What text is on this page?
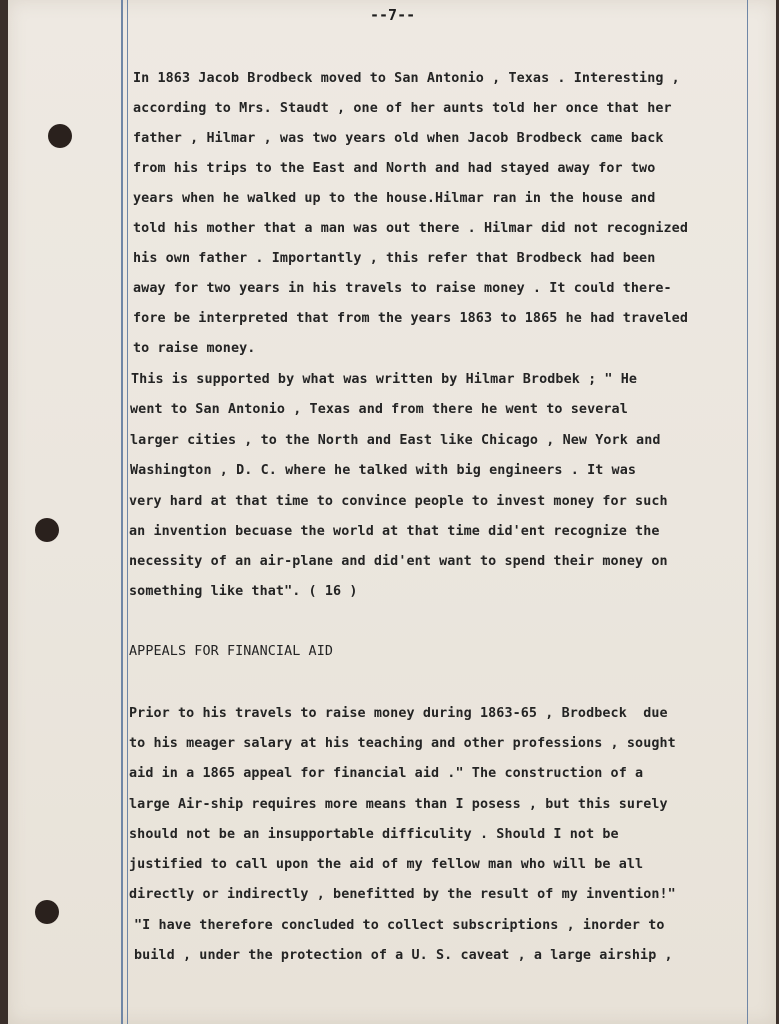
--7--

In 1863 Jacob Brodbeck moved to San Antonio , Texas . Interesting ,

according to Mrs. Staudt , one of her aunts told her once that her

father , Hilmar , was two years old when Jacob Brodbeck came back

from his trips to the East and North and had stayed away for two

years when he walked up to the house.Hilmar ran in the house and

told his mother that a man was out there . Hilmar did not recognized

his own father . Importantly , this refer that Brodbeck had been

away for two years in his travels to raise money . It could there-

fore be interpreted that from the years 1863 to 1865 he had traveled

to raise money.

This is supported by what was written by Hilmar Brodbek ; " He

went to San Antonio , Texas and from there he went to several

larger cities , to the North and East like Chicago , New York and

Washington , D. C. where he talked with big engineers . It was

very hard at that time to convince people to invest money for such

an invention becuase the world at that time did'ent recognize the

necessity of an air-plane and did'ent want to spend their money on

something like that". ( 16 )

APPEALS FOR FINANCIAL AID

Prior to his travels to raise money during 1863-65 , Brodbeck  due

to his meager salary at his teaching and other professions , sought

aid in a 1865 appeal for financial aid ." The construction of a

large Air-ship requires more means than I posess , but this surely

should not be an insupportable difficulity . Should I not be

justified to call upon the aid of my fellow man who will be all

directly or indirectly , benefitted by the result of my invention!"

"I have therefore concluded to collect subscriptions , inorder to

build , under the protection of a U. S. caveat , a large airship ,
